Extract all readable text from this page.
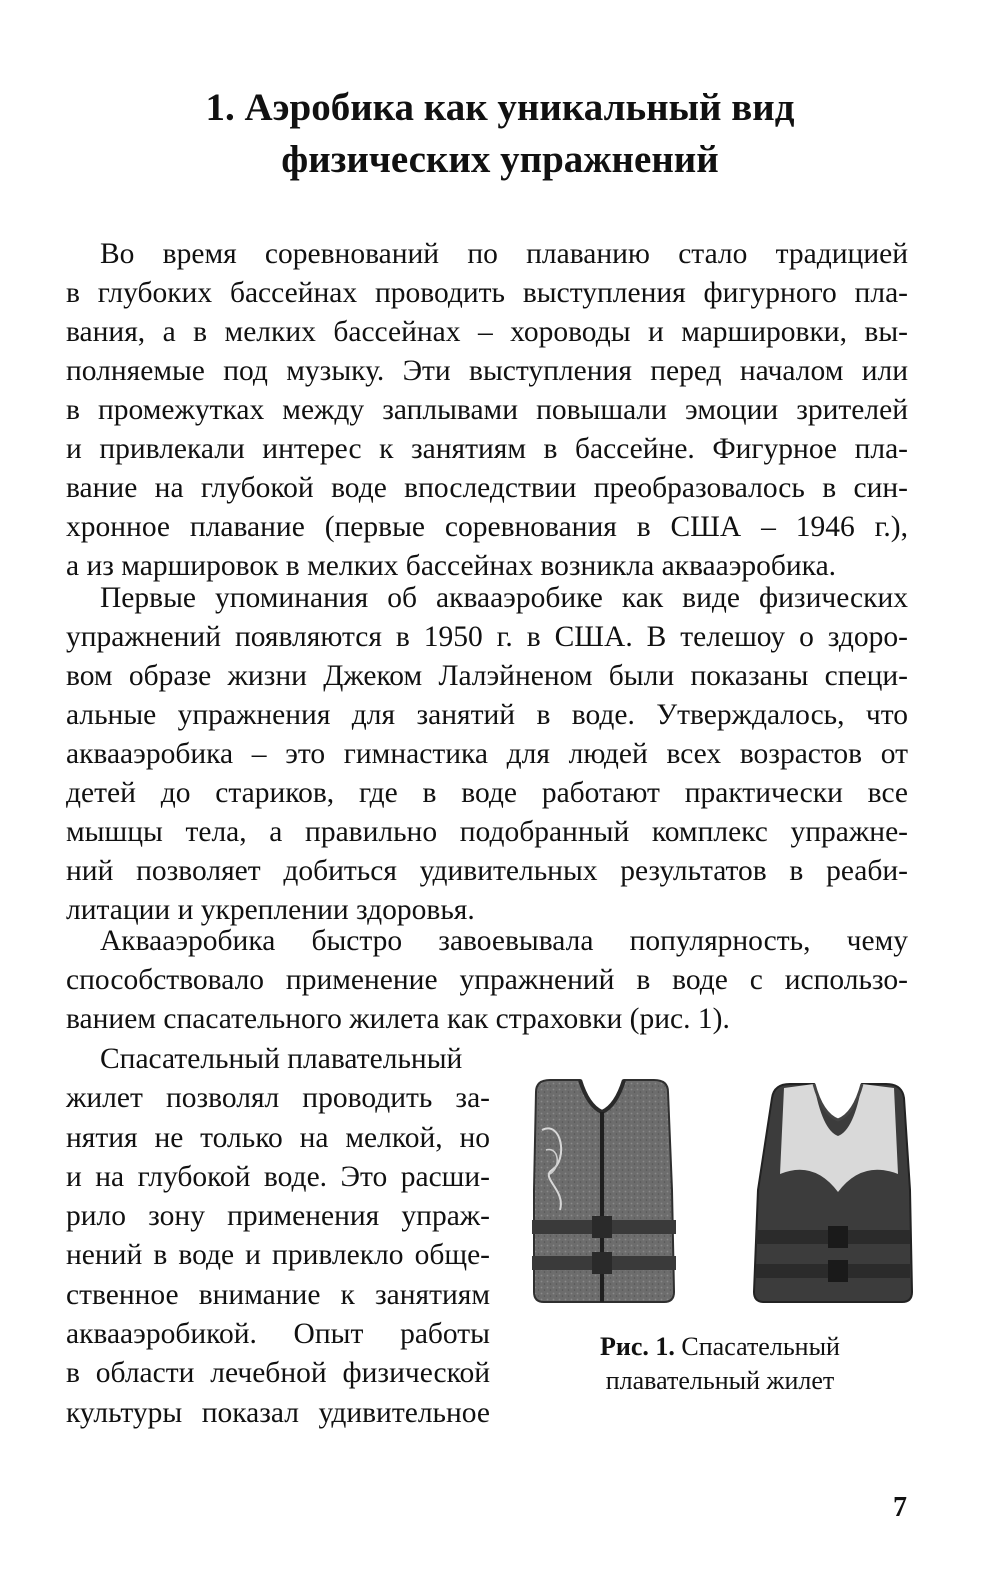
1. Аэробика как уникальный вид
физических упражнений
Во время соревнований по плаванию стало традицией
в глубоких бассейнах проводить выступления фигурного пла-
вания, а в мелких бассейнах – хороводы и маршировки, вы-
полняемые под музыку. Эти выступления перед началом или
в промежутках между заплывами повышали эмоции зрителей
и привлекали интерес к занятиям в бассейне. Фигурное пла-
вание на глубокой воде впоследствии преобразовалось в син-
хронное плавание (первые соревнования в США – 1946 г.),
а из маршировок в мелких бассейнах возникла аквааэробика.
Первые упоминания об аквааэробике как виде физических
упражнений появляются в 1950 г. в США. В телешоу о здоро-
вом образе жизни Джеком Лалэйненом были показаны специ-
альные упражнения для занятий в воде. Утверждалось, что
аквааэробика – это гимнастика для людей всех возрастов от
детей до стариков, где в воде работают практически все
мышцы тела, а правильно подобранный комплекс упражне-
ний позволяет добиться удивительных результатов в реаби-
литации и укреплении здоровья.
Аквааэробика быстро завоевывала популярность, чему
способствовало применение упражнений в воде с использо-
ванием спасательного жилета как страховки (рис. 1).
Спасательный плавательный
жилет позволял проводить за-
нятия не только на мелкой, но
и на глубокой воде. Это расши-
рило зону применения упраж-
нений в воде и привлекло обще-
ственное внимание к занятиям
аквааэробикой. Опыт работы
в области лечебной физической
культуры показал удивительное
Рис. 1. Спасательный
плавательный жилет
7
